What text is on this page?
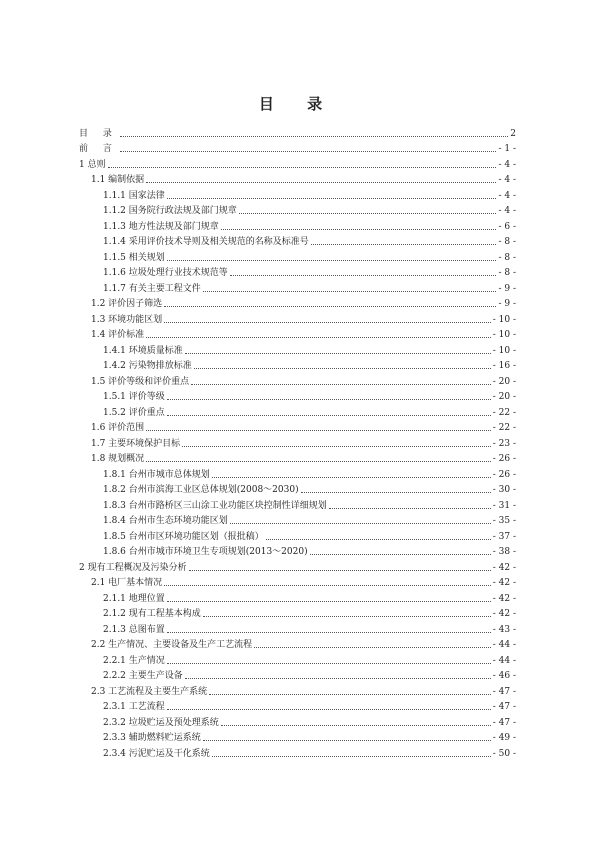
目 录
目 录	2
前 言	- 1 -
1 总则	- 4 -
1.1 编制依据	- 4 -
1.1.1 国家法律	- 4 -
1.1.2 国务院行政法规及部门规章	- 4 -
1.1.3 地方性法规及部门规章	- 6 -
1.1.4 采用评价技术导则及相关规范的名称及标准号	- 8 -
1.1.5 相关规划	- 8 -
1.1.6 垃圾处理行业技术规范等	- 8 -
1.1.7 有关主要工程文件	- 9 -
1.2 评价因子筛选	- 9 -
1.3 环境功能区划	- 10 -
1.4 评价标准	- 10 -
1.4.1 环境质量标准	- 10 -
1.4.2 污染物排放标准	- 16 -
1.5 评价等级和评价重点	- 20 -
1.5.1 评价等级	- 20 -
1.5.2 评价重点	- 22 -
1.6 评价范围	- 22 -
1.7 主要环境保护目标	- 23 -
1.8 规划概况	- 26 -
1.8.1 台州市城市总体规划	- 26 -
1.8.2 台州市滨海工业区总体规划(2008～2030)	- 30 -
1.8.3 台州市路桥区三山涂工业功能区块控制性详细规划	- 31 -
1.8.4 台州市生态环境功能区划	- 35 -
1.8.5 台州市区环境功能区划（报批稿）	- 37 -
1.8.6 台州市城市环境卫生专项规划(2013～2020)	- 38 -
2 现有工程概况及污染分析	- 42 -
2.1 电厂基本情况	- 42 -
2.1.1 地理位置	- 42 -
2.1.2 现有工程基本构成	- 42 -
2.1.3 总图布置	- 43 -
2.2 生产情况、主要设备及生产工艺流程	- 44 -
2.2.1 生产情况	- 44 -
2.2.2 主要生产设备	- 46 -
2.3 工艺流程及主要生产系统	- 47 -
2.3.1 工艺流程	- 47 -
2.3.2 垃圾贮运及预处理系统	- 47 -
2.3.3 辅助燃料贮运系统	- 49 -
2.3.4 污泥贮运及干化系统	- 50 -
